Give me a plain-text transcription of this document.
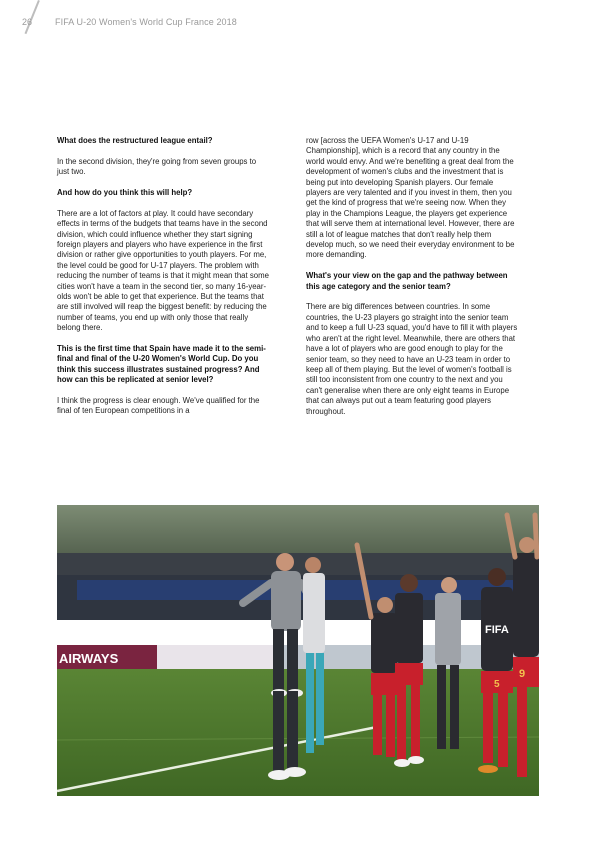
26	FIFA U-20 Women's World Cup France 2018

What does the restructured league entail?

In the second division, they're going from seven groups to just two.

And how do you think this will help?

There are a lot of factors at play. It could have secondary effects in terms of the budgets that teams have in the second division, which could influence whether they start signing foreign players and players who have experience in the first division or rather give opportunities to youth players. For me, the level could be good for U-17 players. The problem with reducing the number of teams is that it might mean that some cities won't have a team in the second tier, so many 16-year-olds won't be able to get that experience. But the teams that are still involved will reap the biggest benefit: by reducing the number of teams, you end up with only those that really belong there.

This is the first time that Spain have made it to the semi-final and final of the U-20 Women's World Cup. Do you think this success illustrates sustained progress? And how can this be replicated at senior level?

I think the progress is clear enough. We've qualified for the final of ten European competitions in a

row [across the UEFA Women's U-17 and U-19 Championship], which is a record that any country in the world would envy. And we're benefiting a great deal from the development of women's clubs and the investment that is being put into developing Spanish players. Our female players are very talented and if you invest in them, then you get the kind of progress that we're seeing now. When they play in the Champions League, the players get experience that will serve them at international level. However, there are still a lot of league matches that don't really help them develop much, so we need their everyday environment to be more demanding.

What's your view on the gap and the pathway between this age category and the senior team?

There are big differences between countries. In some countries, the U-23 players go straight into the senior team and to keep a full U-23 squad, you'd have to fill it with players who aren't at the right level. Meanwhile, there are others that have a lot of players who are good enough to play for the senior team, so they need to have an U-23 team in order to keep all of them playing. But the level of women's football is still too inconsistent from one country to the next and you can't generalise when there are only eight teams in Europe that can always put out a team featuring good players throughout.

AIRWAYS
FIFA
5
9
